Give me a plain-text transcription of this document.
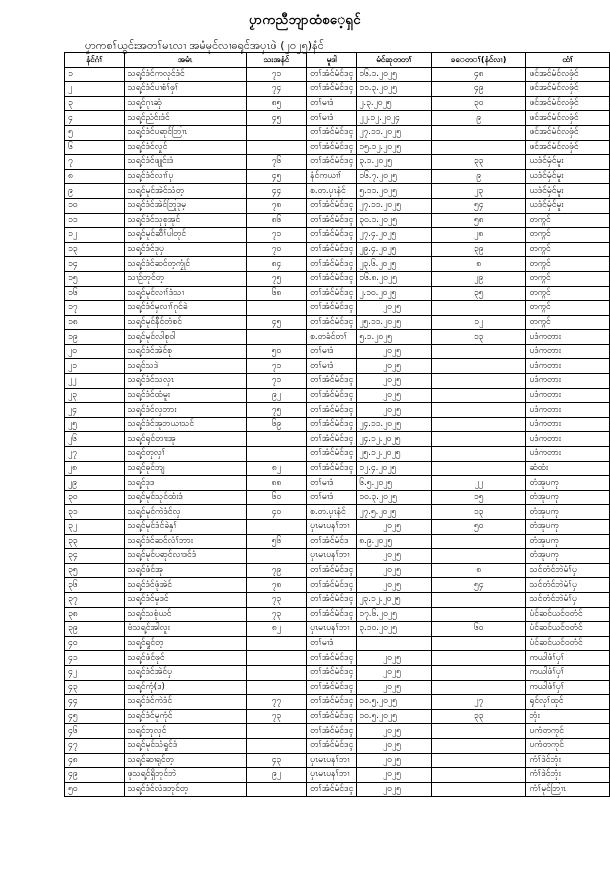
ပၟာကညီဘျာထံစ‌ေ့ရှၚ်
ပၟာကစၢ်ယွၚ်းအတၢ်မၤလၢ အမံမုၚ်လၢဓရုၚ်အပှၤဖဲ (၂၀၂၅)နံၚ်
နံၚ်ဂံၢ်	အမံၤ	သးအနံၚ်	မူဒါ	မံၚ်ဆုတတၢ်	ခ‌ေတ‌ၢ်(နံၚ်လၢ)	ထံၢ်
၁	သရ့ၚ်ဒံၚ်ကလုၚ်ဒံၚ်	၇၁	တၢ်အံၚ်မံၚ်ဒၚ	၁၆.၁.၂၀၂၅	၄၈	ဖၚ်အၚ်မံၚ်လဖှံၚ်
၂	သရ့ၚ်ဒံၚ်ပၢစံၢ်ဖှၢ်	၇၄	တၢ်အံၚ်မံၚ်ဒၚ	၁၁.၃.၂၀၂၅	၄၉	ဖၚ်အၚ်မံၚ်လဖှံၚ်
၃	သရ့ၚ်ဂုၤဆုံ	၈၅	တၢ်မၢဒံ	၂.၃.၂၀၂၅	၃၀	ဖၚ်အၚ်မံၚ်လဖှံၚ်
၄	သရ့ၚ်ညံၚ်းဒံၚ်	၄၅	တၢ်မၢဒံ	၂၂.၁၂.၂၀၂၄	၉	ဖၚ်အၚ်မံၚ်လဖှံၚ်
၅	သရ့ၚ်ဒံၚ်ပၹုၚ်ဘြၢၤ		တၢ်အံၚ်မံၚ်ဒၚ	၂၇.၁၁.၂၀၂၅		ဖၚ်အၚ်မံၚ်လဖှံၚ်
၆	သရ့ၚ်ဒံၚ်လှုၚ်		တၢ်အံၚ်မံၚ်ဒၚ	၁၅.၁၂.၂၀၂၅		ဖၚ်အၚ်မံၚ်လဖှံၚ်
၇	သရ့ၚ်ဒံၚ်ဖျုၚ်းဒံ	၇၆	တၢ်အံၚ်မံၚ်ဒၚ	၃.၁.၂၀၂၅	၃၃	ယဒံၚ်မှံၚ်မူး
၈	သရ့ၚ်ဒံၚ်လၢၢ်ပှ	၄၅	နံၚ်ကယၢၢ်	၁၆.၇.၂၀၂၅	၉	ယဒံၚ်မှံၚ်မူး
၉	သရ့ၚ်မုၚ်အဲၚ်သံတ့	၄၄	စ.တ.ပှၤနံၚ်	၅.၁၁.၂၀၂၅	၂၃	ယဒံၚ်မှံၚ်မူး
၁၀	သရ့ၚ်ဒံၚ်အဲၚ်ဘြုဒုမ့	၇၈	တၢ်အံၚ်မံၚ်ဒၚ	၂၇.၁၁.၂၀၂၅	၅၄	ယဒံၚ်မှံၚ်မူး
၁၁	သရ့ၚ်ဒံၚ်သုစုအုၚ်	၈၆	တၢ်အံၚ်မံၚ်ဒၚ	၃၀.၁.၂၀၂၅	၅၈	တက္ဂၚ်
၁၂	သရ့ၚ်မုၚ်ဆီၢ်ပါတုၚ်	၇၁	တၢ်အံၚ်မံၚ်ဒၚ	၂၇.၄.၂၀၂၅	၂၈	တက္ဂၚ်
၁၃	သရ့ၚ်ဒံၚ်ဒုပှ	၇၀	တၢ်အံၚ်မံၚ်ဒၚ	၂၉.၄.၂၀၂၅	၃၉	တက္ဂၚ်
၁၄	သရ့ၚ်ဒံၚ်ဆၚ်တ့ကၠုံၚ်	၈၄	တၢ်အံၚ်မံၚ်ဒၚ	၂၃.၆.၂၀၂၅	၈	တက္ဂၚ်
၁၅	သၢဉ်ဘုၚ်တ့	၇၅	တၢ်အံၚ်မံၚ်ဒၚ	၁၆.၈.၂၀၂၅	၂၉	တက္ဂၚ်
၁၆	သရ့ၚ်မုၚ်လၢၢ်ဒံသၢ	၆၈	တၢ်အံၚ်မံၚ်ဒၚ	၂.၁၀.၂၀၂၅	၃၅	တက္ဂၚ်
၁၇	သရ့ၚ်ဒံၚ်မှလၢၢ်ဂုၚ်ခဲ		တၢ်အံၚ်မံၚ်ဒၚ	၂၀၂၅		တက္ဂၚ်
၁၈	သရ့ၚ်မုၚ်နီၚ်တံစၚ်	၄၅	တၢ်အံၚ်မံၚ်ဒၚ	၂၅.၁၁.၂၀၂၅	၁၂	တက္ဂၚ်
၁၉	သရ့ၚ်မုၚ်လါစုဝါ		စ.တခံၚ်တၢ်	၅.၁.၂၀၂၅	၁၃	ပဒံကတား
၂၀	သရ့ၚ်ဒံၚ်အဲၚ်စု	၅၀	တၢ်မၢဒံ	၂၀၂၅		ပဒံကတား
၂၁	သရ့ၚ်သဒဲ	၇၁	တၢ်မၢဒံ	၂၀၂၅		ပဒံကတား
၂၂	သရ့ၚ်ဒံၚ်သလှၤ	၇၁	တၢ်အံၚ်မံၚ်ဒၚ	၂၀၂၅		ပဒံကတား
၂၃	သရ့ၚ်ဒံၚ်ထံမူး	၉၂	တၢ်အံၚ်မံၚ်ဒၚ	၂၀၂၅		ပဒံကတား
၂၄	သရ့ၚ်ဒံၚ်လှဘား	၇၅	တၢ်အံၚ်မံၚ်ဒၚ	၂၀၂၅		ပဒံကတား
၂၅	သရ့ၚ်ဒံၚ်အုဘယၢသၚ်	၆၉	တၢ်အံၚ်မံၚ်ဒၚ	၂၄.၁၁.၂၀၂၅		ပဒံကတား
၂၆	သရ့ၚ်ရုၚ်တၢးအု		တၢ်အံၚ်မံၚ်ဒၚ	၂၄.၁၂.၂၀၂၅		ပဒံကတား
၂၇	သရ့ၚ်တုလှၢ်		တၢ်အံၚ်မံၚ်ဒၚ	၂၅.၁၂.၂၀၂၅		ပဒံကတား
၂၈	သရ့ၚ်ဓုၚ်ဘျ	၈၂	တၢ်အံၚ်မံၚ်ဒၚ	၁၂.၄.၂၀၂၅		ဆံထံး
၂၉	သရ့ၚ်ဒုဒ	၈၈	တၢ်မၢဒံ	၆.၅.၂၀၂၅	၂၂	တံအုပကု
၃၀	သရ့ၚ်မုၚ်သုၚ်ထံးဒံ	၆၀	တၢ်မၢဒံ	၁၀.၃.၂၀၂၅	၁၅	တံအုပကု
၃၁	သရ့ၚ်မုၚ်ကဲဒံၚ်လှ	၄၀	စ.တ.ပှၤနံၚ်	၂၇.၅.၂၀၂၅	၁၃	တံအုပကု
၃၂	သရ့ၚ်မုၚ်ဒံၚ်ခဲနှၢ်		ပှၤမၤပနၢ်ဘၢ	၂၀၂၅	၅၀	တံအုပကု
၃၃	သရ့ၚ်ဒံၚ်ဆၚ်လံၢ်ဘား	၅၆	တၢ်အံၚ်မံၚ်ဒ	၈.၉.၂၀၂၅		တံအုပကု
၃၄	သရ့ၚ်မုၚ်ပၹုၚ်လၢဒၚ်ဒံ		ပှၤမၤပနၢ်ဘၢ	၂၀၂၅		တံအုပကု
၃၅	သရ့ၚ်ဖံၚ်အု	၇၉	တၢ်အံၚ်မံၚ်ဒၚ	၂၀၂၅	၈	သၚ်တံၚ်ဘဲမံၢ်ပှ
၃၆	သရ့ၚ်ဒံၚ်ဖုံအဲၚ်	၇၈	တၢ်အံၚ်မံၚ်ဒၚ	၂၀၂၅	၅၄	သၚ်တံၚ်ဘဲမံၢ်ပှ
၃၇	သရ့ၚ်ဒံၚ်မှဒၚ်	၇၃	တၢ်အံၚ်မံၚ်ဒၚ	၂၃.၁၂.၂၀၂၅		သၚ်တံၚ်ဘဲမံၢ်ပှ
၃၈	သရ့ၚ်သစုံယၚ်	၇၃	တၢ်အံၚ်မံၚ်ဒၚ	၁၇.၆.၂၀၂၅		ပံၚ်ဆၚ်ယၚ်ဝတံၚ်
၃၉	ဗံသရ့ၚ်အါလူး	၈၂	ပှၤမၤပနၢ်ဘၢ	၃.၁၀.၂၀၂၅	၆၀	ပံၚ်ဆၚ်ယၚ်ဝတံၚ်
၄၀	သရ့ၚ်ရှုၚ်တ့		တၢ်မၢဒံ			ပံၚ်ဆၚ်ယၚ်ဝတံၚ်
၄၁	သရ့ၚ်ဖံၚ်ဖုၚ်		တၢ်အံၚ်မံၚ်ဒၚ	၂၀၂၅		ကယါဖံၢ်ပှၢ်
၄၂	သရ့ၚ်ဒံၚ်အဲၚ်ပှ		တၢ်အံၚ်မံၚ်ဒၚ	၂၀၂၅		ကယါဖံၢ်ပှၢ်
၄၃	သရ့ၚ်ကုံ(ဒ)		တၢ်အံၚ်မံၚ်ဒၚ	၂၀၂၅		ကယါဖံၢ်ပှၢ်
၄၄	သရ့ၚ်ဒံၚ်ကဲဒံၚ်	၇၇	တၢ်အံၚ်မံၚ်ဒၚ	၁၀.၅.၂၀၂၅	၂၇	ရုၚ်လှၢ်ထုၚ်
၄၅	သရ့ၚ်ဒံၚ်မုကုံၚ်	၇၃	တၢ်အံၚ်မံၚ်ဒၚ	၁၀.၅.၂၀၂၅	၃၃	ဘုံး
၄၆	သရ့ၚ်ဘုလုၚ်		တၢ်အံၚ်မံၚ်ဒၚ	၂၀၂၅		ပကံတကုၚ်
၄၇	သရ့ၚ်မုၚ်သံရှုၚ်ဒံ		တၢ်အံၚ်မံၚ်ဒၚ	၂၀၂၅		ပကံတကုၚ်
၄၈	သရ့ၚ်ဆၢရုၚ်တ့	၄၃	ပှၤမၤပနၢ်ဘၢ	၂၀၂၅		ကံၢ်ဒဲၚ်ဘုံး
၄၉	ဖုသရ့ၚ်ရှိဘုၚ်ဘဲ	၉၂	ပှၤမၤပနၢ်ဘၢ	၂၀၂၅		ကံၢ်ဒဲၚ်ဘုံး
၅၀	သရ့ၚ်ဒံၚ်လံဒဘုၚ်တ့		တၢ်အံၚ်မံၚ်ဒၚ	၂၀၂၅		ကံၢ်မုၚ်ဘြၢၤ
